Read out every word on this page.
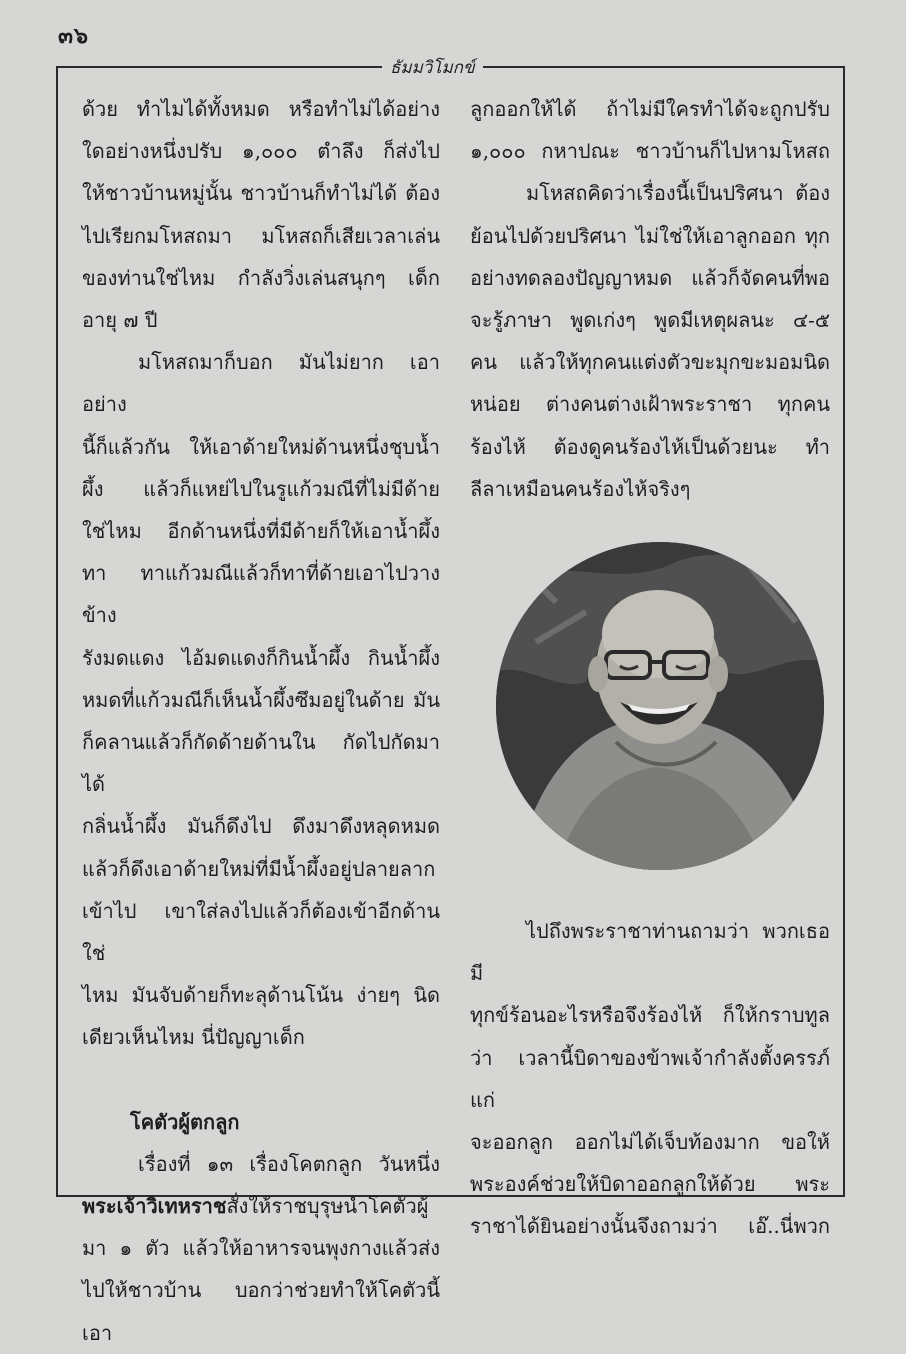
๓๖
ธัมมวิโมกข์

ด้วย ทำไมได้ทั้งหมด หรือทำไม่ได้อย่าง

ใดอย่างหนึ่งปรับ ๑,๐๐๐ ตำลึง ก็ส่งไป

ให้ชาวบ้านหมู่นั้น ชาวบ้านก็ทำไม่ได้ ต้อง

ไปเรียกมโหสถมา มโหสถก็เสียเวลาเล่น

ของท่านใช่ไหม กำลังวิ่งเล่นสนุกๆ เด็ก

อายุ ๗ ปี

มโหสถมาก็บอก มันไม่ยาก เอาอย่าง

นี้ก็แล้วกัน ให้เอาด้ายใหม่ด้านหนึ่งชุบน้ำ

ผึ้ง แล้วก็แหย่ไปในรูแก้วมณีที่ไม่มีด้าย

ใช่ไหม อีกด้านหนึ่งที่มีด้ายก็ให้เอาน้ำผึ้ง

ทา ทาแก้วมณีแล้วก็ทาที่ด้ายเอาไปวางข้าง

รังมดแดง ไอ้มดแดงก็กินน้ำผึ้ง กินน้ำผึ้ง

หมดที่แก้วมณีก็เห็นน้ำผึ้งซึมอยู่ในด้าย มัน

ก็คลานแล้วก็กัดด้ายด้านใน กัดไปกัดมาได้

กลิ่นน้ำผึ้ง มันก็ดึงไป ดึงมาดึงหลุดหมด

แล้วก็ดึงเอาด้ายใหม่ที่มีน้ำผึ้งอยู่ปลายลาก

เข้าไป เขาใส่ลงไปแล้วก็ต้องเข้าอีกด้านใช่

ไหม มันจับด้ายก็ทะลุด้านโน้น ง่ายๆ นิด

เดียวเห็นไหม นี่ปัญญาเด็ก

โคตัวผู้ตกลูก

เรื่องที่ ๑๓ เรื่องโคตกลูก วันหนึ่ง

พระเจ้าวิเทหราชสั่งให้ราชบุรุษนำโคตัวผู้

มา ๑ ตัว แล้วให้อาหารจนพุงกางแล้วส่ง

ไปให้ชาวบ้าน บอกว่าช่วยทำให้โคตัวนี้เอา

ลูกออกให้ได้ ถ้าไม่มีใครทำได้จะถูกปรับ

๑,๐๐๐ กหาปณะ ชาวบ้านก็ไปหามโหสถ

มโหสถคิดว่าเรื่องนี้เป็นปริศนา ต้อง

ย้อนไปด้วยปริศนา ไม่ใช่ให้เอาลูกออก ทุก

อย่างทดลองปัญญาหมด แล้วก็จัดคนที่พอ

จะรู้ภาษา พูดเก่งๆ พูดมีเหตุผลนะ ๔-๕

คน แล้วให้ทุกคนแต่งตัวขะมุกขะมอมนิด

หน่อย ต่างคนต่างเฝ้าพระราชา ทุกคน

ร้องไห้ ต้องดูคนร้องไห้เป็นด้วยนะ ทำ

ลีลาเหมือนคนร้องไห้จริงๆ

ไปถึงพระราชาท่านถามว่า พวกเธอมี

ทุกข์ร้อนอะไรหรือจึงร้องไห้ ก็ให้กราบทูล

ว่า เวลานี้บิดาของข้าพเจ้ากำลังตั้งครรภ์แก่

จะออกลูก ออกไม่ได้เจ็บท้องมาก ขอให้

พระองค์ช่วยให้บิดาออกลูกให้ด้วย พระ

ราชาได้ยินอย่างนั้นจึงถามว่า เอ๊..นี่พวก
